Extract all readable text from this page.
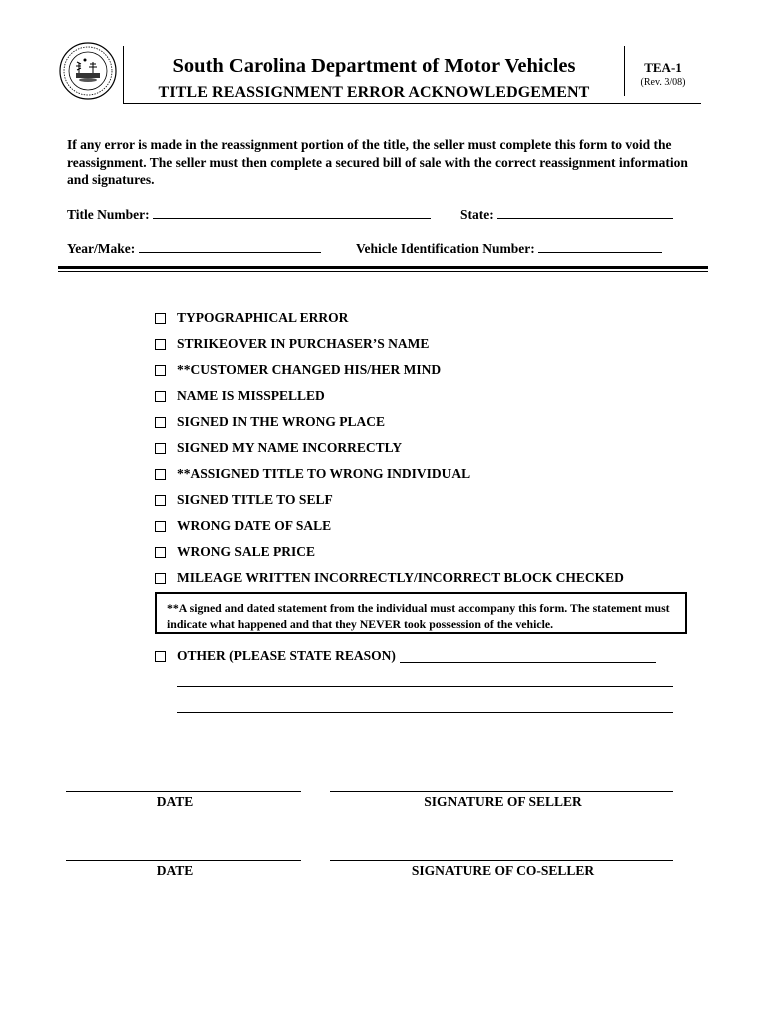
South Carolina Department of Motor Vehicles
TITLE REASSIGNMENT ERROR ACKNOWLEDGEMENT
TEA-1
(Rev. 3/08)
If any error is made in the reassignment portion of the title, the seller must complete this form to void the reassignment. The seller must then complete a secured bill of sale with the correct reassignment information and signatures.
Title Number:	State:
Year/Make:	Vehicle Identification Number:
TYPOGRAPHICAL ERROR
STRIKEOVER IN PURCHASER’S NAME
**CUSTOMER CHANGED HIS/HER MIND
NAME IS MISSPELLED
SIGNED IN THE WRONG PLACE
SIGNED MY NAME INCORRECTLY
**ASSIGNED TITLE TO WRONG INDIVIDUAL
SIGNED TITLE TO SELF
WRONG DATE OF SALE
WRONG SALE PRICE
MILEAGE WRITTEN INCORRECTLY/INCORRECT BLOCK CHECKED
**A signed and dated statement from the individual must accompany this form. The statement must indicate what happened and that they NEVER took possession of the vehicle.
OTHER (PLEASE STATE REASON)
DATE	SIGNATURE OF SELLER
DATE	SIGNATURE OF CO-SELLER
